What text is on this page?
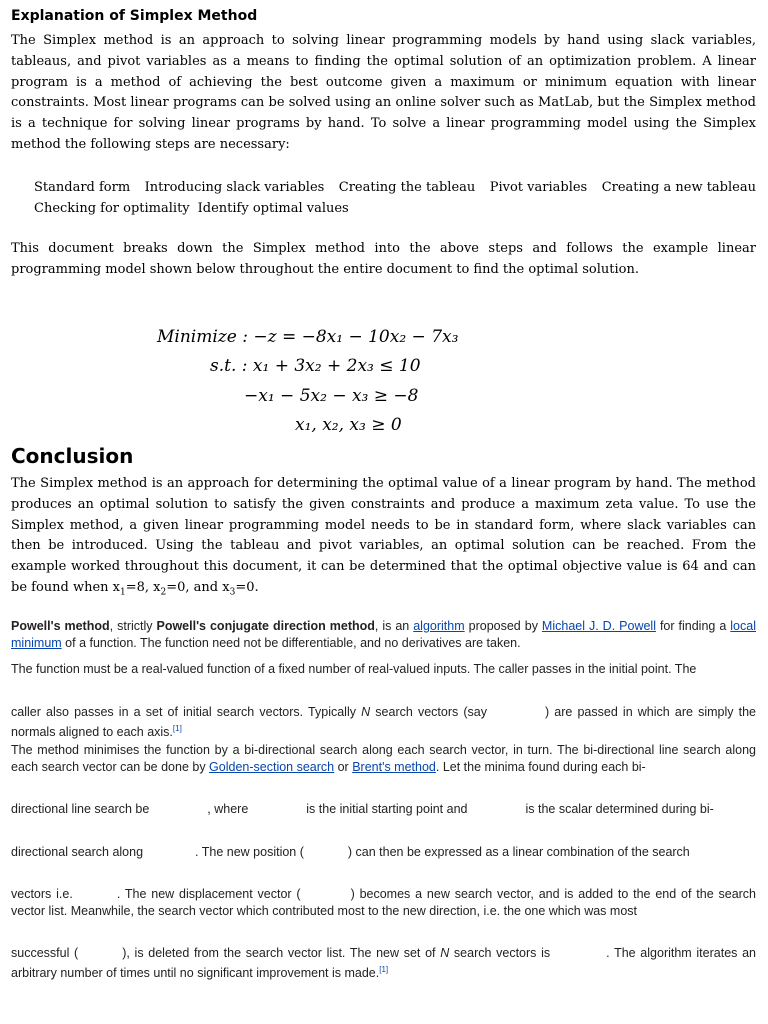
Explanation of Simplex Method

The Simplex method is an approach to solving linear programming models by hand using slack variables, tableaus, and pivot variables as a means to finding the optimal solution of an optimization problem. A linear program is a method of achieving the best outcome given a maximum or minimum equation with linear constraints. Most linear programs can be solved using an online solver such as MatLab, but the Simplex method is a technique for solving linear programs by hand. To solve a linear programming model using the Simplex method the following steps are necessary:

Standard form Introducing slack variables Creating the tableau Pivot variables Creating a new tableau
Checking for optimality Identify optimal values

This document breaks down the Simplex method into the above steps and follows the example linear programming model shown below throughout the entire document to find the optimal solution.

Minimize : −z = −8x₁ − 10x₂ − 7x₃
s.t. : x₁ + 3x₂ + 2x₃ ≤ 10
−x₁ − 5x₂ − x₃ ≥ −8
x₁, x₂, x₃ ≥ 0
Conclusion

The Simplex method is an approach for determining the optimal value of a linear program by hand. The method produces an optimal solution to satisfy the given constraints and produce a maximum zeta value. To use the Simplex method, a given linear programming model needs to be in standard form, where slack variables can then be introduced. Using the tableau and pivot variables, an optimal solution can be reached. From the example worked throughout this document, it can be determined that the optimal objective value is 64 and can be found when $x_1=8$, $x_2=0$, and $x_3=0$.

Powell's method, strictly Powell's conjugate direction method, is an algorithm proposed by Michael J. D. Powell for finding a local minimum of a function. The function need not be differentiable, and no derivatives are taken.

The function must be a real-valued function of a fixed number of real-valued inputs. The caller passes in the initial point. The

caller also passes in a set of initial search vectors. Typically N search vectors (say	) are passed in which are simply the normals aligned to each axis.[1]

The method minimises the function by a bi-directional search along each search vector, in turn. The bi-directional line search along each search vector can be done by Golden-section search or Brent's method. Let the minima found during each bi-

directional line search be	, where	is the initial starting point and	is the scalar determined during bi-

directional search along	. The new position (	) can then be expressed as a linear combination of the search

vectors i.e.	. The new displacement vector (	) becomes a new search vector, and is added to the end of the search vector list. Meanwhile, the search vector which contributed most to the new direction, i.e. the one which was most

successful (	), is deleted from the search vector list. The new set of N search vectors is	. The algorithm iterates an arbitrary number of times until no significant improvement is made.[1]
